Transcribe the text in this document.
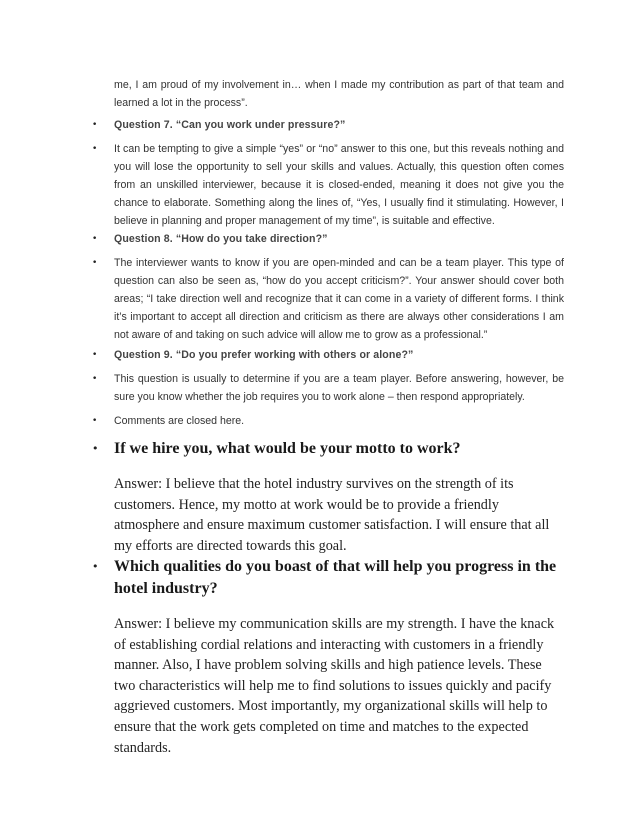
me, I am proud of my involvement in… when I made my contribution as part of that team and learned a lot in the process”.
•	Question 7. “Can you work under pressure?”
•	It can be tempting to give a simple “yes” or “no” answer to this one, but this reveals nothing and you will lose the opportunity to sell your skills and values. Actually, this question often comes from an unskilled interviewer, because it is closed-ended, meaning it does not give you the chance to elaborate. Something along the lines of, “Yes, I usually find it stimulating. However, I believe in planning and proper management of my time”, is suitable and effective.
•	Question 8. “How do you take direction?”
•	The interviewer wants to know if you are open-minded and can be a team player. This type of question can also be seen as, “how do you accept criticism?”. Your answer should cover both areas; “I take direction well and recognize that it can come in a variety of different forms. I think it’s important to accept all direction and criticism as there are always other considerations I am not aware of and taking on such advice will allow me to grow as a professional.”
•	Question 9. “Do you prefer working with others or alone?”
•	This question is usually to determine if you are a team player. Before answering, however, be sure you know whether the job requires you to work alone – then respond appropriately.
•	Comments are closed here.
• If we hire you, what would be your motto to work?
Answer: I believe that the hotel industry survives on the strength of its customers. Hence, my motto at work would be to provide a friendly atmosphere and ensure maximum customer satisfaction. I will ensure that all my efforts are directed towards this goal.
• Which qualities do you boast of that will help you progress in the hotel industry?
Answer: I believe my communication skills are my strength. I have the knack of establishing cordial relations and interacting with customers in a friendly manner. Also, I have problem solving skills and high patience levels. These two characteristics will help me to find solutions to issues quickly and pacify aggrieved customers. Most importantly, my organizational skills will help to ensure that the work gets completed on time and matches to the expected standards.
